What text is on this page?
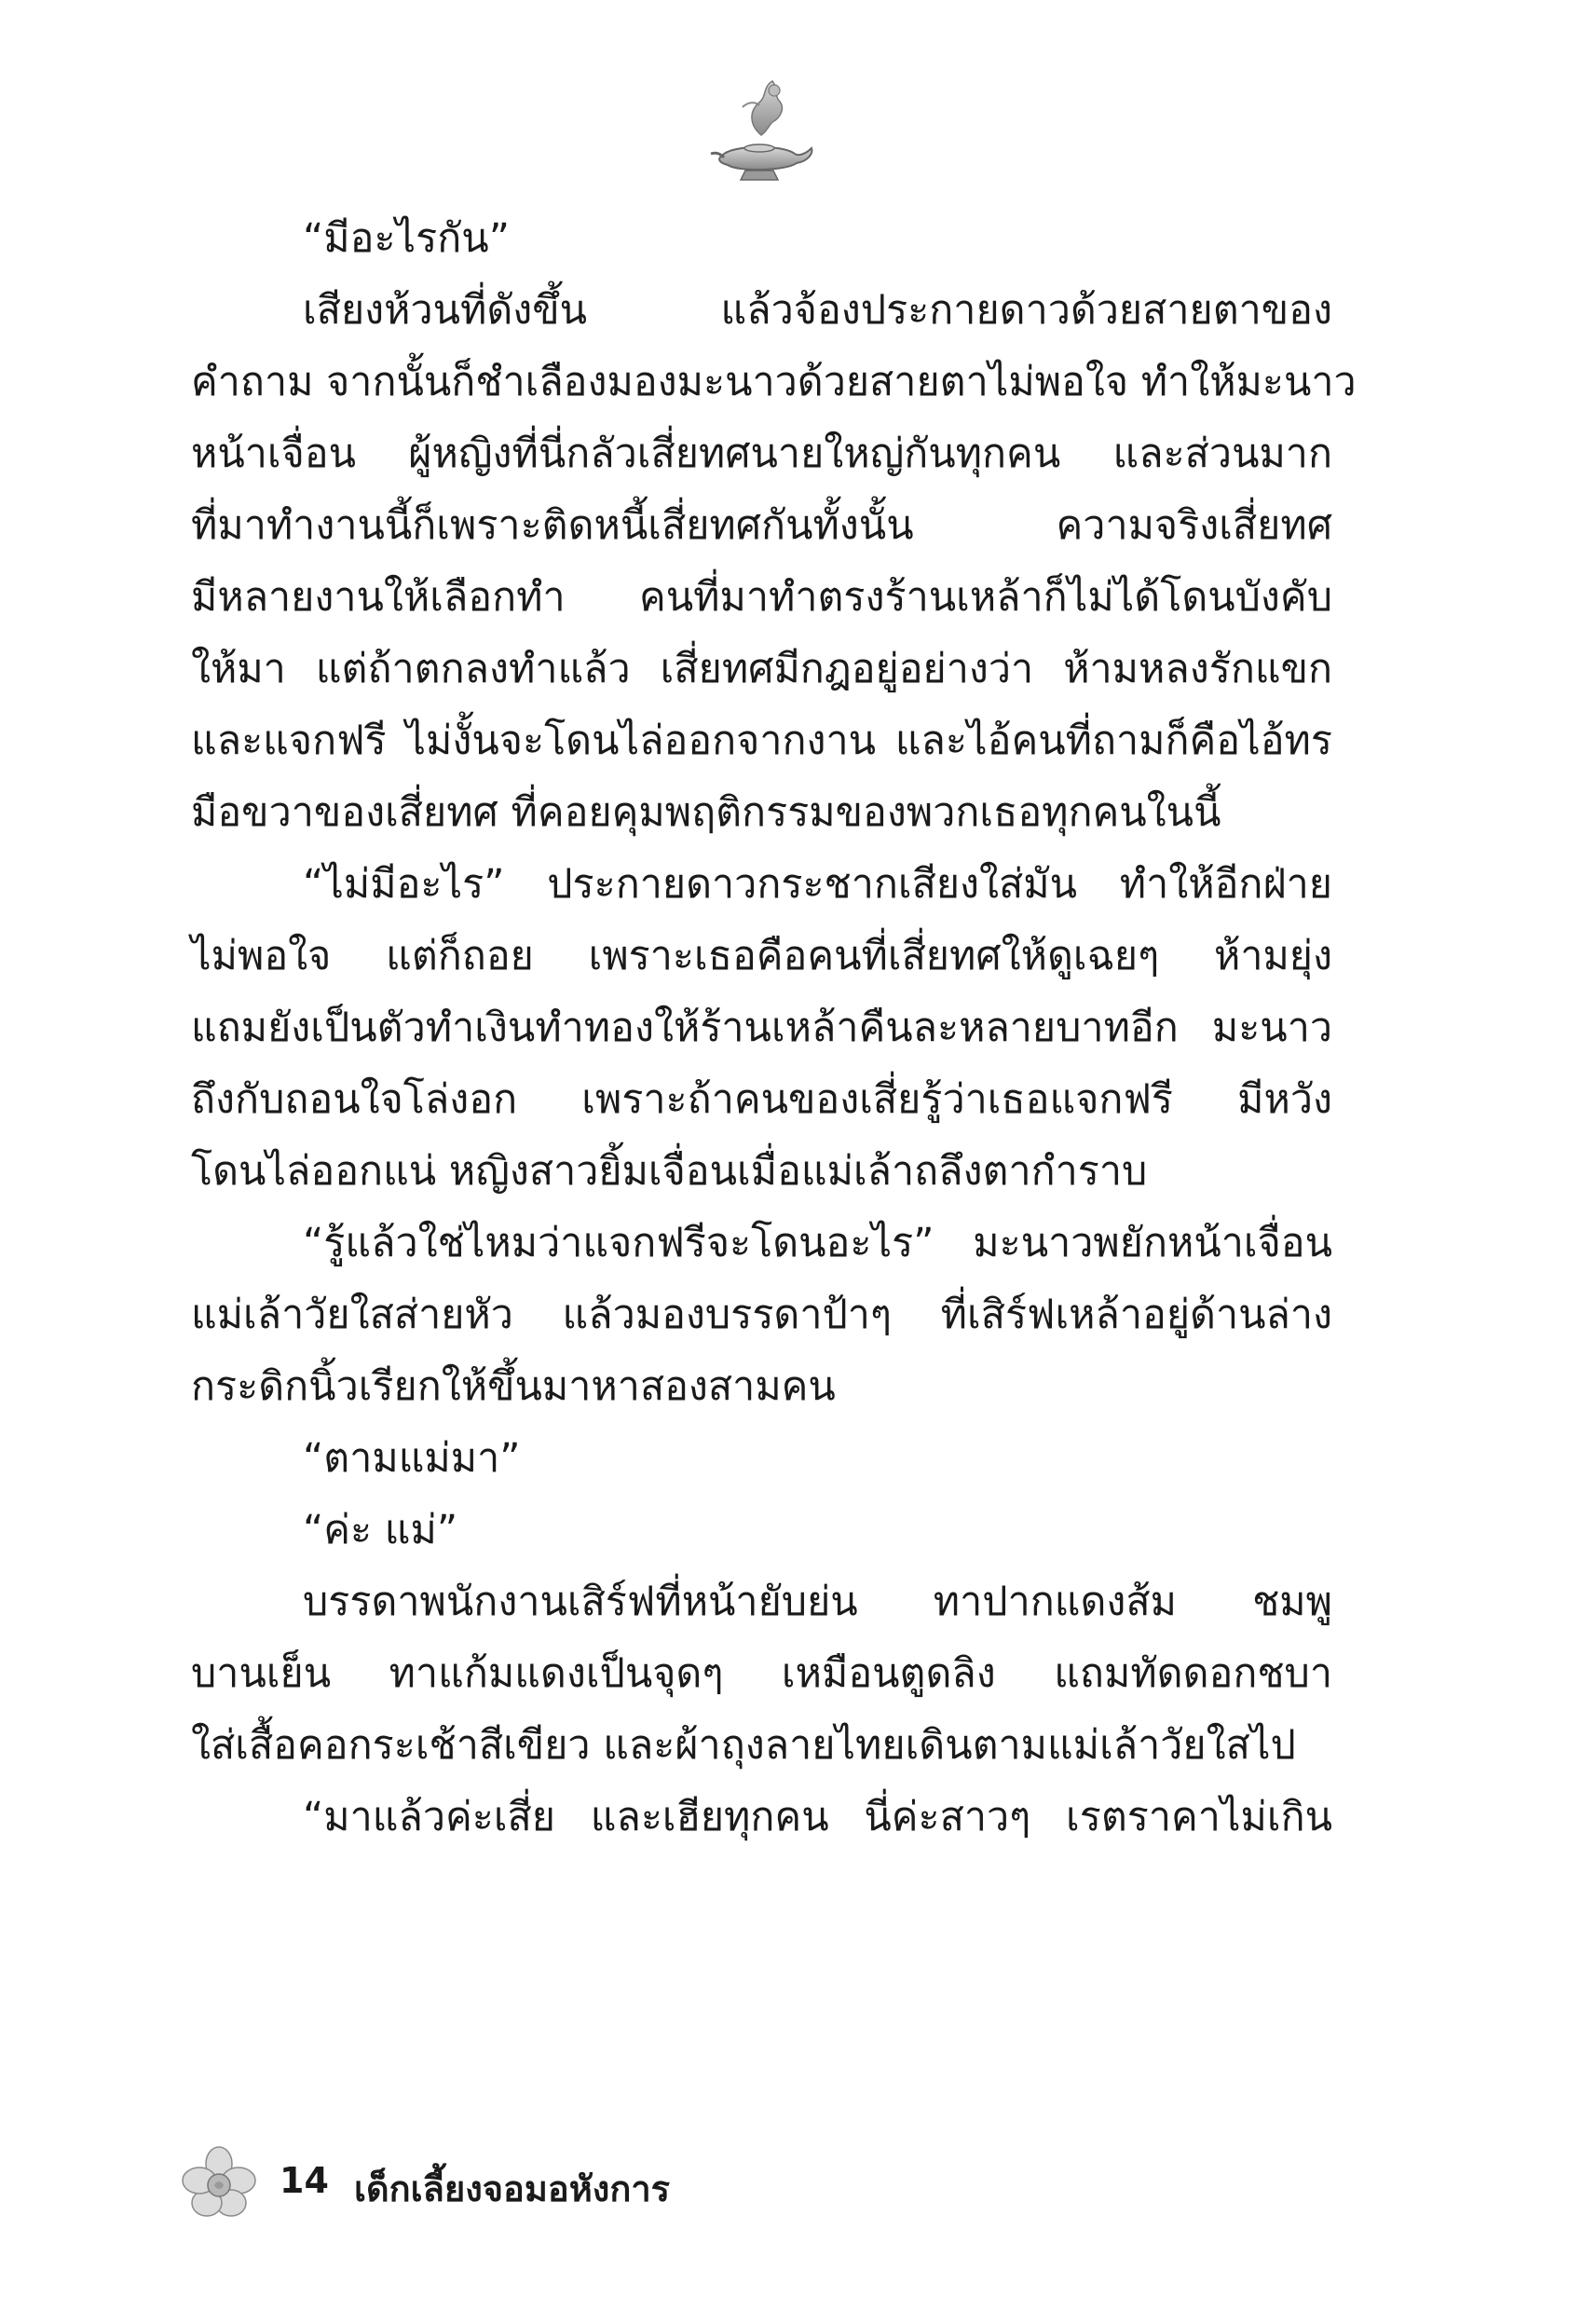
“มีอะไรกัน”
เสียงห้วนที่ดังขึ้น แล้วจ้องประกายดาวด้วยสายตาของ
คำถาม จากนั้นก็ชำเลืองมองมะนาวด้วยสายตาไม่พอใจ ทำให้มะนาว
หน้าเจื่อน ผู้หญิงที่นี่กลัวเสี่ยทศนายใหญ่กันทุกคน และส่วนมาก
ที่มาทำงานนี้ก็เพราะติดหนี้เสี่ยทศกันทั้งนั้น ความจริงเสี่ยทศ
มีหลายงานให้เลือกทำ คนที่มาทำตรงร้านเหล้าก็ไม่ได้โดนบังคับ
ให้มา แต่ถ้าตกลงทำแล้ว เสี่ยทศมีกฎอยู่อย่างว่า ห้ามหลงรักแขก
และแจกฟรี ไม่งั้นจะโดนไล่ออกจากงาน และไอ้คนที่ถามก็คือไอ้ทร
มือขวาของเสี่ยทศ ที่คอยคุมพฤติกรรมของพวกเธอทุกคนในนี้
“ไม่มีอะไร” ประกายดาวกระชากเสียงใส่มัน ทำให้อีกฝ่าย
ไม่พอใจ แต่ก็ถอย เพราะเธอคือคนที่เสี่ยทศให้ดูเฉยๆ ห้ามยุ่ง
แถมยังเป็นตัวทำเงินทำทองให้ร้านเหล้าคืนละหลายบาทอีก มะนาว
ถึงกับถอนใจโล่งอก เพราะถ้าคนของเสี่ยรู้ว่าเธอแจกฟรี มีหวัง
โดนไล่ออกแน่ หญิงสาวยิ้มเจื่อนเมื่อแม่เล้าถลึงตากำราบ
“รู้แล้วใช่ไหมว่าแจกฟรีจะโดนอะไร” มะนาวพยักหน้าเจื่อน
แม่เล้าวัยใสส่ายหัว แล้วมองบรรดาป้าๆ ที่เสิร์ฟเหล้าอยู่ด้านล่าง
กระดิกนิ้วเรียกให้ขึ้นมาหาสองสามคน
“ตามแม่มา”
“ค่ะ แม่”
บรรดาพนักงานเสิร์ฟที่หน้ายับย่น ทาปากแดงส้ม ชมพู
บานเย็น ทาแก้มแดงเป็นจุดๆ เหมือนตูดลิง แถมทัดดอกชบา
ใส่เสื้อคอกระเช้าสีเขียว และผ้าถุงลายไทยเดินตามแม่เล้าวัยใสไป
“มาแล้วค่ะเสี่ย และเฮียทุกคน นี่ค่ะสาวๆ เรตราคาไม่เกิน
14 เด็กเลี้ยงจอมอหังการ
